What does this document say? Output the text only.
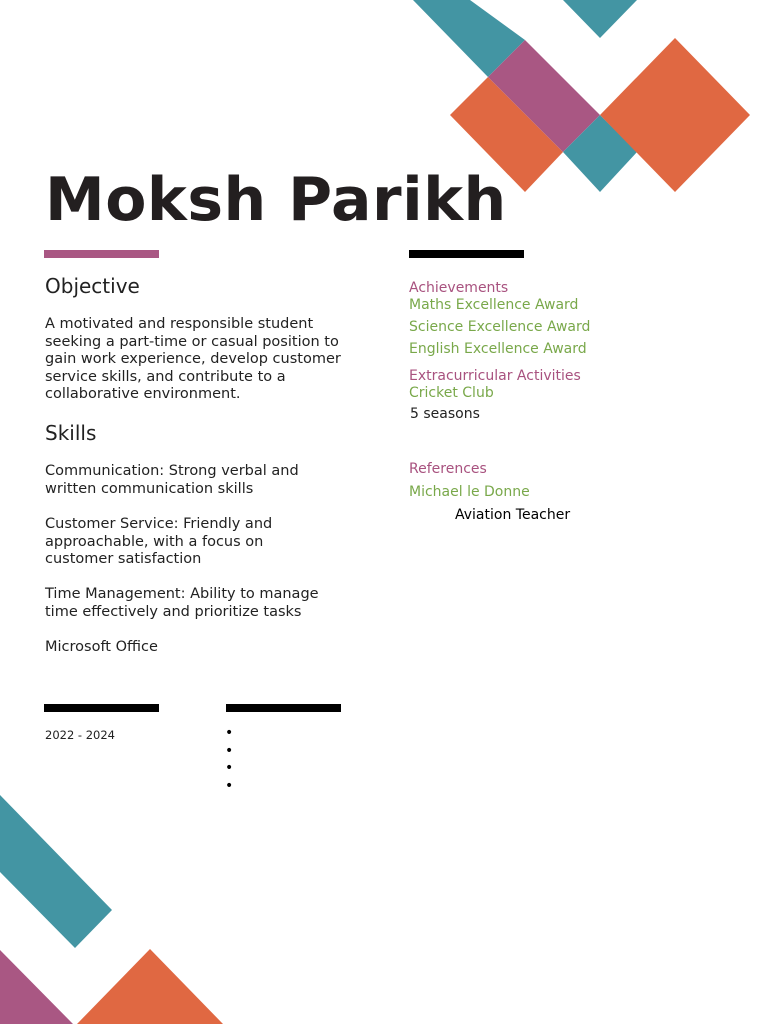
Moksh Parikh
Objective
A motivated and responsible student seeking a part-time or casual position to gain work experience, develop customer service skills, and contribute to a collaborative environment.
Skills
Communication: Strong verbal and written communication skills
Customer Service: Friendly and approachable, with a focus on customer satisfaction
Time Management: Ability to manage time effectively and prioritize tasks
Microsoft Office
2022 - 2024	•
•
•
•
Achievements
Maths Excellence Award
Science Excellence Award
English Excellence Award
Extracurricular Activities
Cricket Club
5 seasons
References
Michael le Donne
Aviation Teacher
